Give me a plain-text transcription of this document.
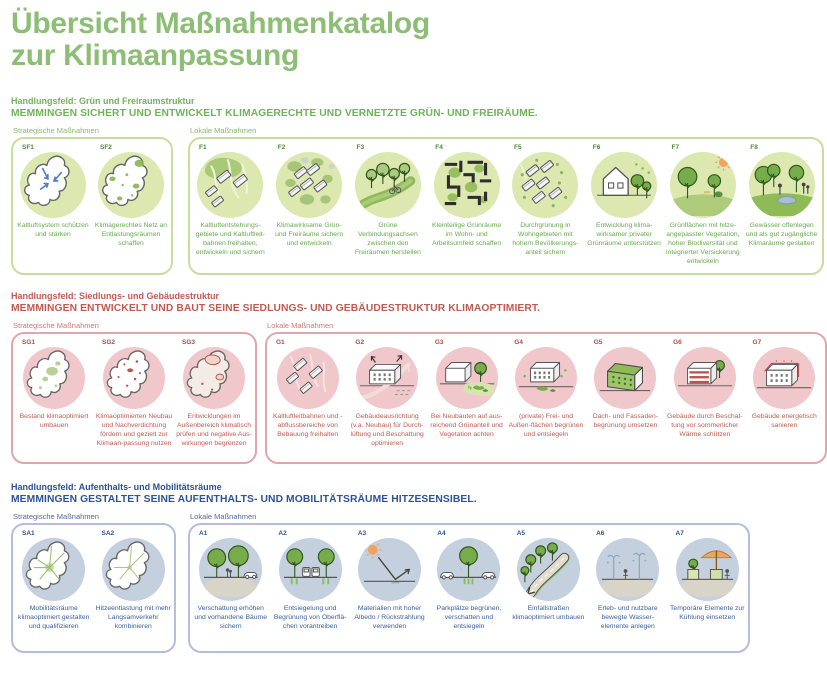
Übersicht Maßnahmenkatalog
zur Klimaanpassung
Handlungsfeld: Grün und Freiraumstruktur
MEMMINGEN SICHERT UND ENTWICKELT KLIMAGERECHTE UND VERNETZTE GRÜN- UND FREIRÄUME.
Strategische Maßnahmen
SF1
Kaltluftsystem schützen und stärken
SF2
Klimagerechtes Netz an Entlastungsräumen schaffen
Lokale Maßnahmen
F1
Kaltluftentstehungs-gebiete und Kaltluftleit-bahnen freihalten, entwickeln und sichern
F2
Klimawirksame Grün- und Freiräume sichern und entwickeln
F3
Grüne Verbindungsachsen zwischen den Freiräumen herstellen
F4
Kleinteilige Grünräume im Wohn- und Arbeitsumfeld schaffen
F5
Durchgrünung in Wohngebieten mit hohem Bevölkerungs-anteil sichern
F6
Entwicklung klima-wirksamer privater Grünräume unterstützen
F7
Grünflächen mit hitze-angepasster Vegetation, hoher Biodiversität und integrierter Versickerung entwickeln
F8
Gewässer offenlegen und als gut zugängliche Klimaräume gestalten
Handlungsfeld: Siedlungs- und Gebäudestruktur
MEMMINGEN ENTWICKELT UND BAUT SEINE SIEDLUNGS- UND GEBÄUDESTRUKTUR KLIMAOPTIMIERT.
Strategische Maßnahmen
SG1
Bestand klimaoptimiert umbauen
SG2
Klimaoptimierten Neubau und Nachverdichtung fördern und gezielt zur Klimaan-passung nutzen
SG3
Entwicklungen im Außenbereich klimatisch prüfen und negative Aus-wirkungen begrenzen
Lokale Maßnahmen
G1
Kaltluftleitbahnen und -abflussbereiche von Bebauung freihalten
G2
Gebäudeausrichtung (v.a. Neubau) für Durch-lüftung und Beschattung optimieren
G3
Bei Neubauten auf aus-reichend Grünanteil und Vegetation achten
G4
(private) Frei- und Außen-flächen begrünen und entsiegeln
G5
Dach- und Fassaden-begrünung umsetzen
G6
Gebäude durch Beschat-tung vor sommerlicher Wärme schützen
G7
Gebäude energetisch sanieren
Handlungsfeld: Aufenthalts- und Mobilitätsräume
MEMMINGEN GESTALTET SEINE AUFENTHALTS- UND MOBILITÄTSRÄUME HITZESENSIBEL.
Strategische Maßnahmen
SA1
Mobilitätsräume klimaoptimiert gestalten und qualifizieren
SA2
Hitzeentlastung mit mehr Langsamverkehr kombinieren
Lokale Maßnahmen
A1
Verschattung erhöhen und vorhandene Bäume sichern
A2
Entsiegelung und Begrünung von Oberflä-chen vorantreiben
A3
Materialien mit hoher Albedo / Rückstrahlung verwenden
A4
Parkplätze begrünen, verschatten und entsiegeln
A5
Einfallstraßen klimaoptimiert umbauen
A6
Erleb- und nutzbare bewegte Wasser-elemente anlegen
A7
Temporäre Elemente zur Kühlung einsetzen
